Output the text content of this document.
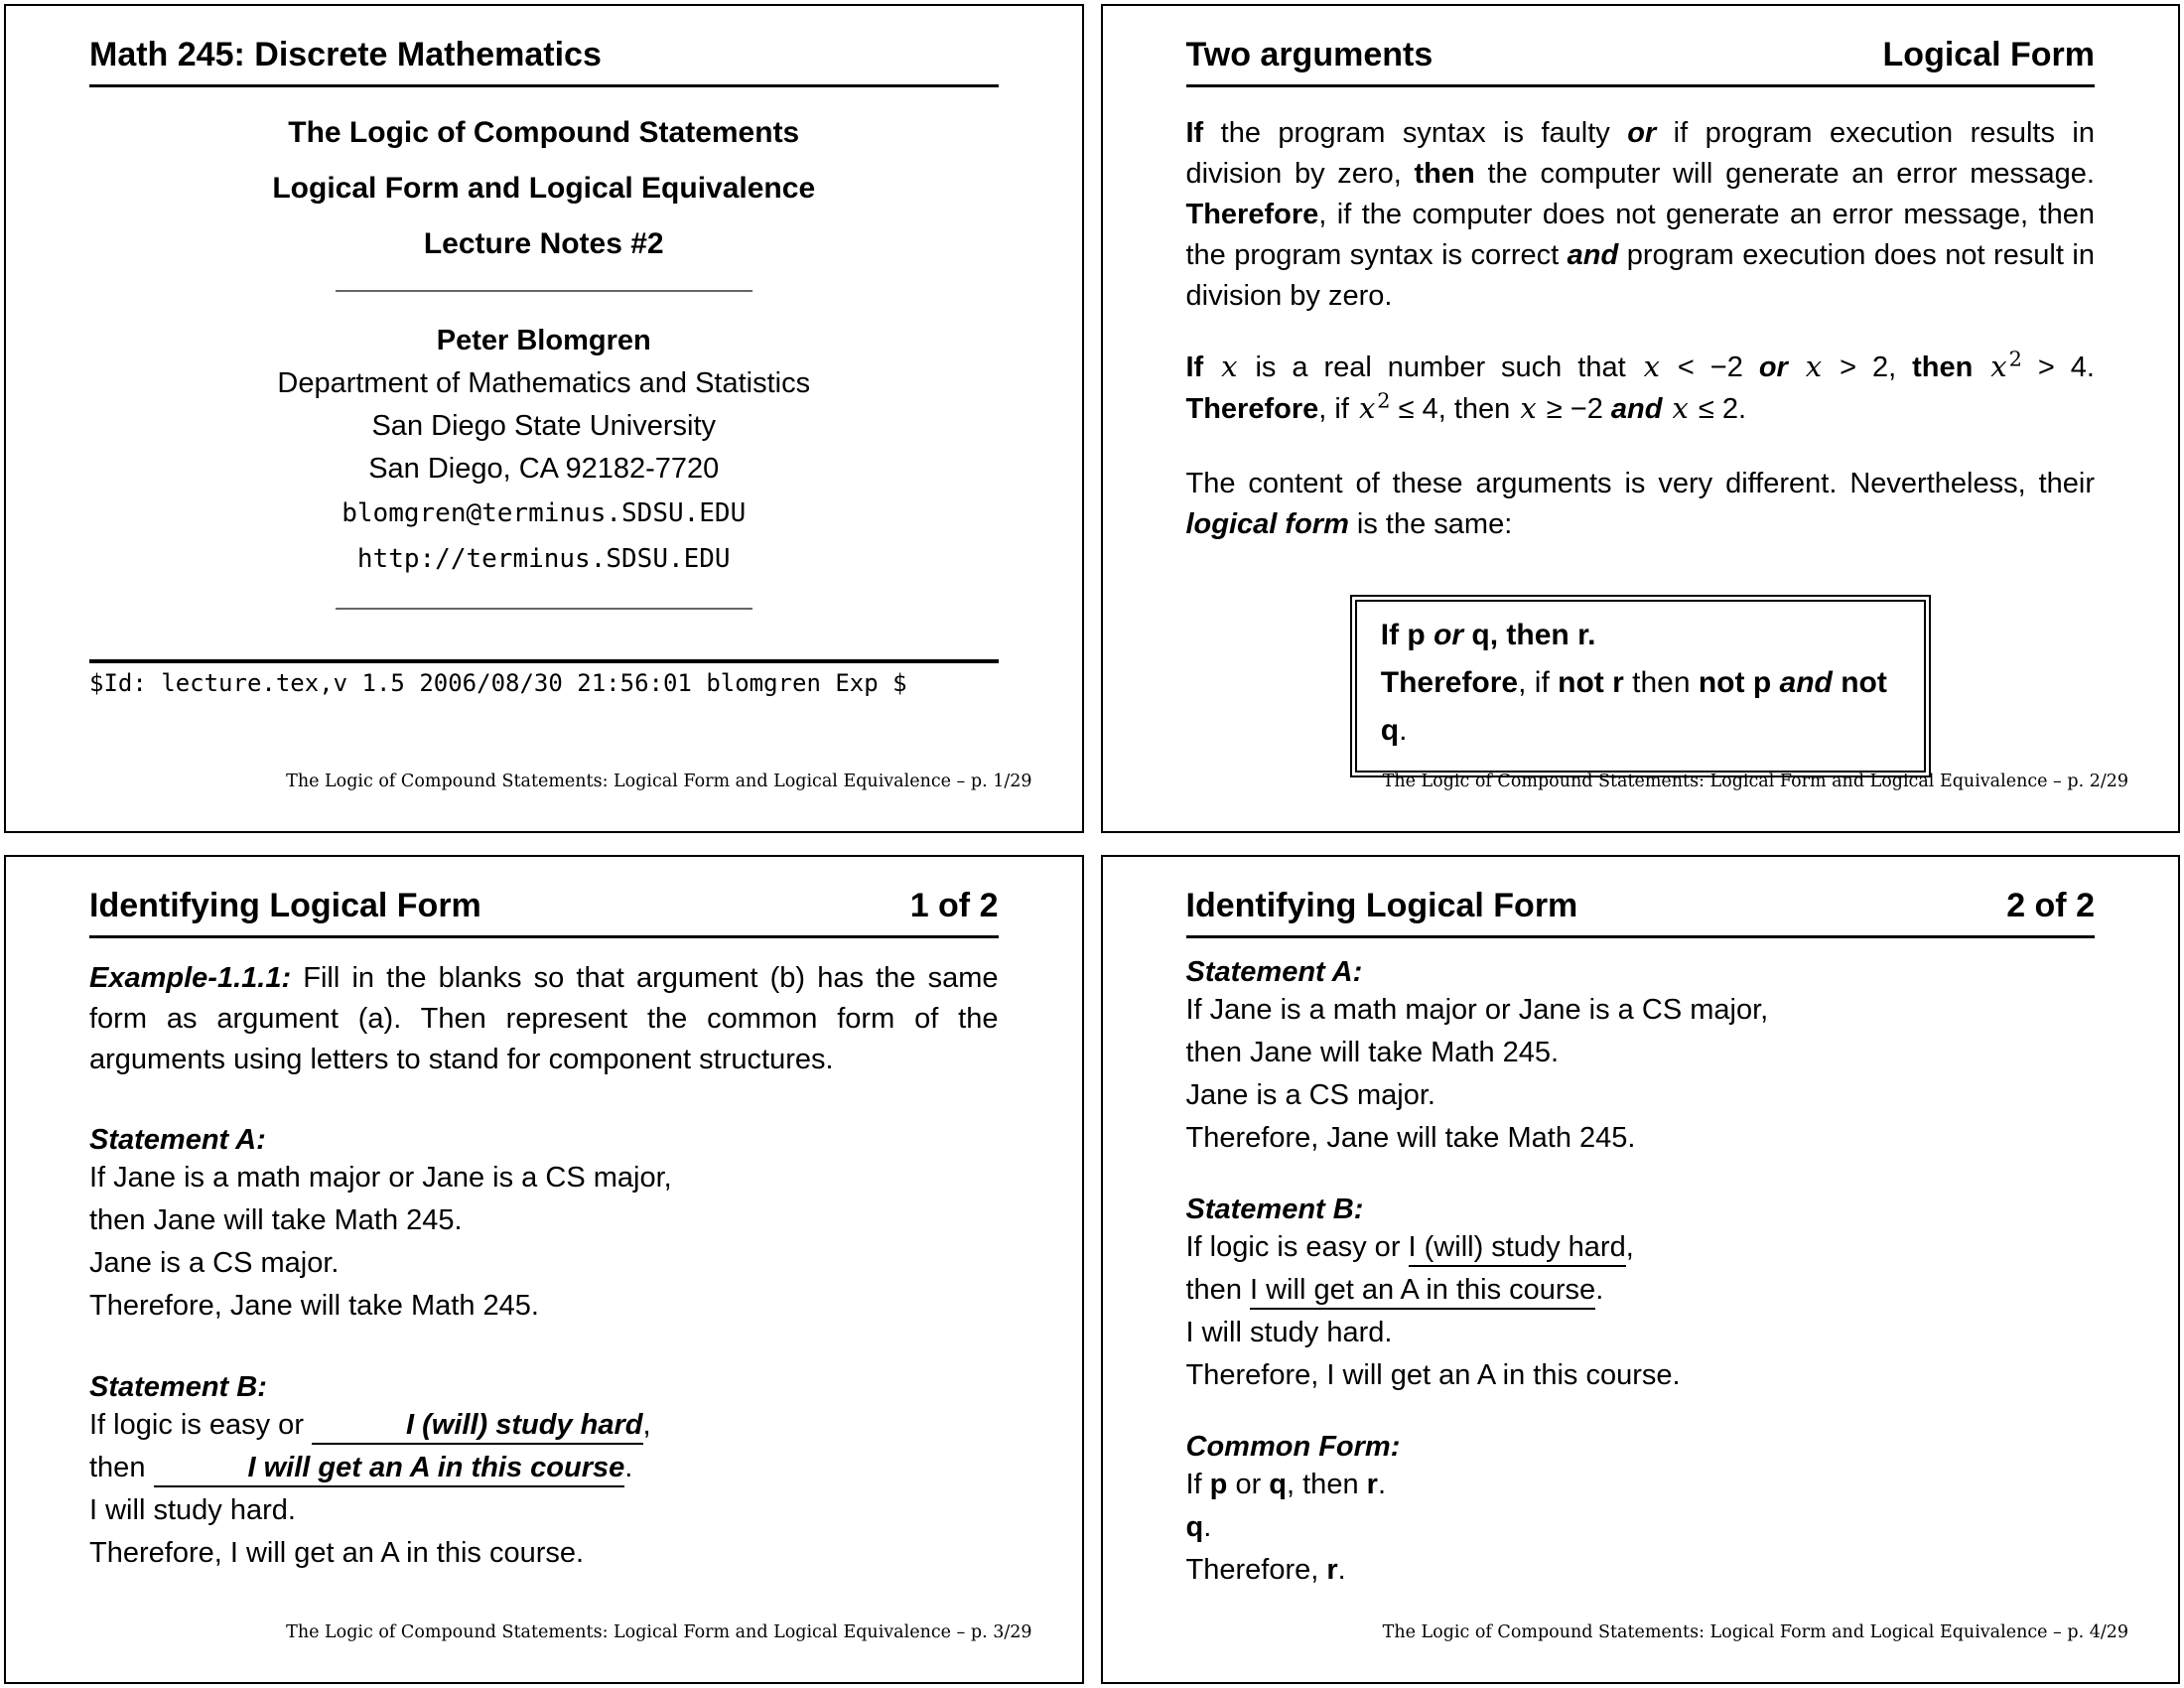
Math 245: Discrete Mathematics
The Logic of Compound Statements
Logical Form and Logical Equivalence
Lecture Notes #2
Peter Blomgren
Department of Mathematics and Statistics
San Diego State University
San Diego, CA 92182-7720
blomgren@terminus.SDSU.EDU
http://terminus.SDSU.EDU
$Id: lecture.tex,v 1.5 2006/08/30 21:56:01 blomgren Exp $
The Logic of Compound Statements: Logical Form and Logical Equivalence – p. 1/29
Two arguments	Logical Form

If the program syntax is faulty or if program execution results in division by zero, then the computer will generate an error message. Therefore, if the computer does not generate an error message, then the program syntax is correct and program execution does not result in division by zero.

If x is a real number such that x < −2 or x > 2, then $x^2 > 4$. Therefore, if $x^2 \le 4$, then x ≥ −2 and x ≤ 2.

The content of these arguments is very different. Nevertheless, their logical form is the same:

If p or q, then r.
Therefore, if not r then not p and not q.
The Logic of Compound Statements: Logical Form and Logical Equivalence – p. 2/29
Identifying Logical Form	1 of 2

Example-1.1.1: Fill in the blanks so that argument (b) has the same form as argument (a). Then represent the common form of the arguments using letters to stand for component structures.

Statement A:
If Jane is a math major or Jane is a CS major,
then Jane will take Math 245.
Jane is a CS major.
Therefore, Jane will take Math 245.
Statement B:
If logic is easy or	I (will) study hard,
then	I will get an A in this course.
I will study hard.
Therefore, I will get an A in this course.
The Logic of Compound Statements: Logical Form and Logical Equivalence – p. 3/29
Identifying Logical Form	2 of 2
Statement A:
If Jane is a math major or Jane is a CS major,
then Jane will take Math 245.
Jane is a CS major.
Therefore, Jane will take Math 245.
Statement B:
If logic is easy or I (will) study hard,
then I will get an A in this course.
I will study hard.
Therefore, I will get an A in this course.
Common Form:
If p or q, then r.
q.
Therefore, r.
The Logic of Compound Statements: Logical Form and Logical Equivalence – p. 4/29
